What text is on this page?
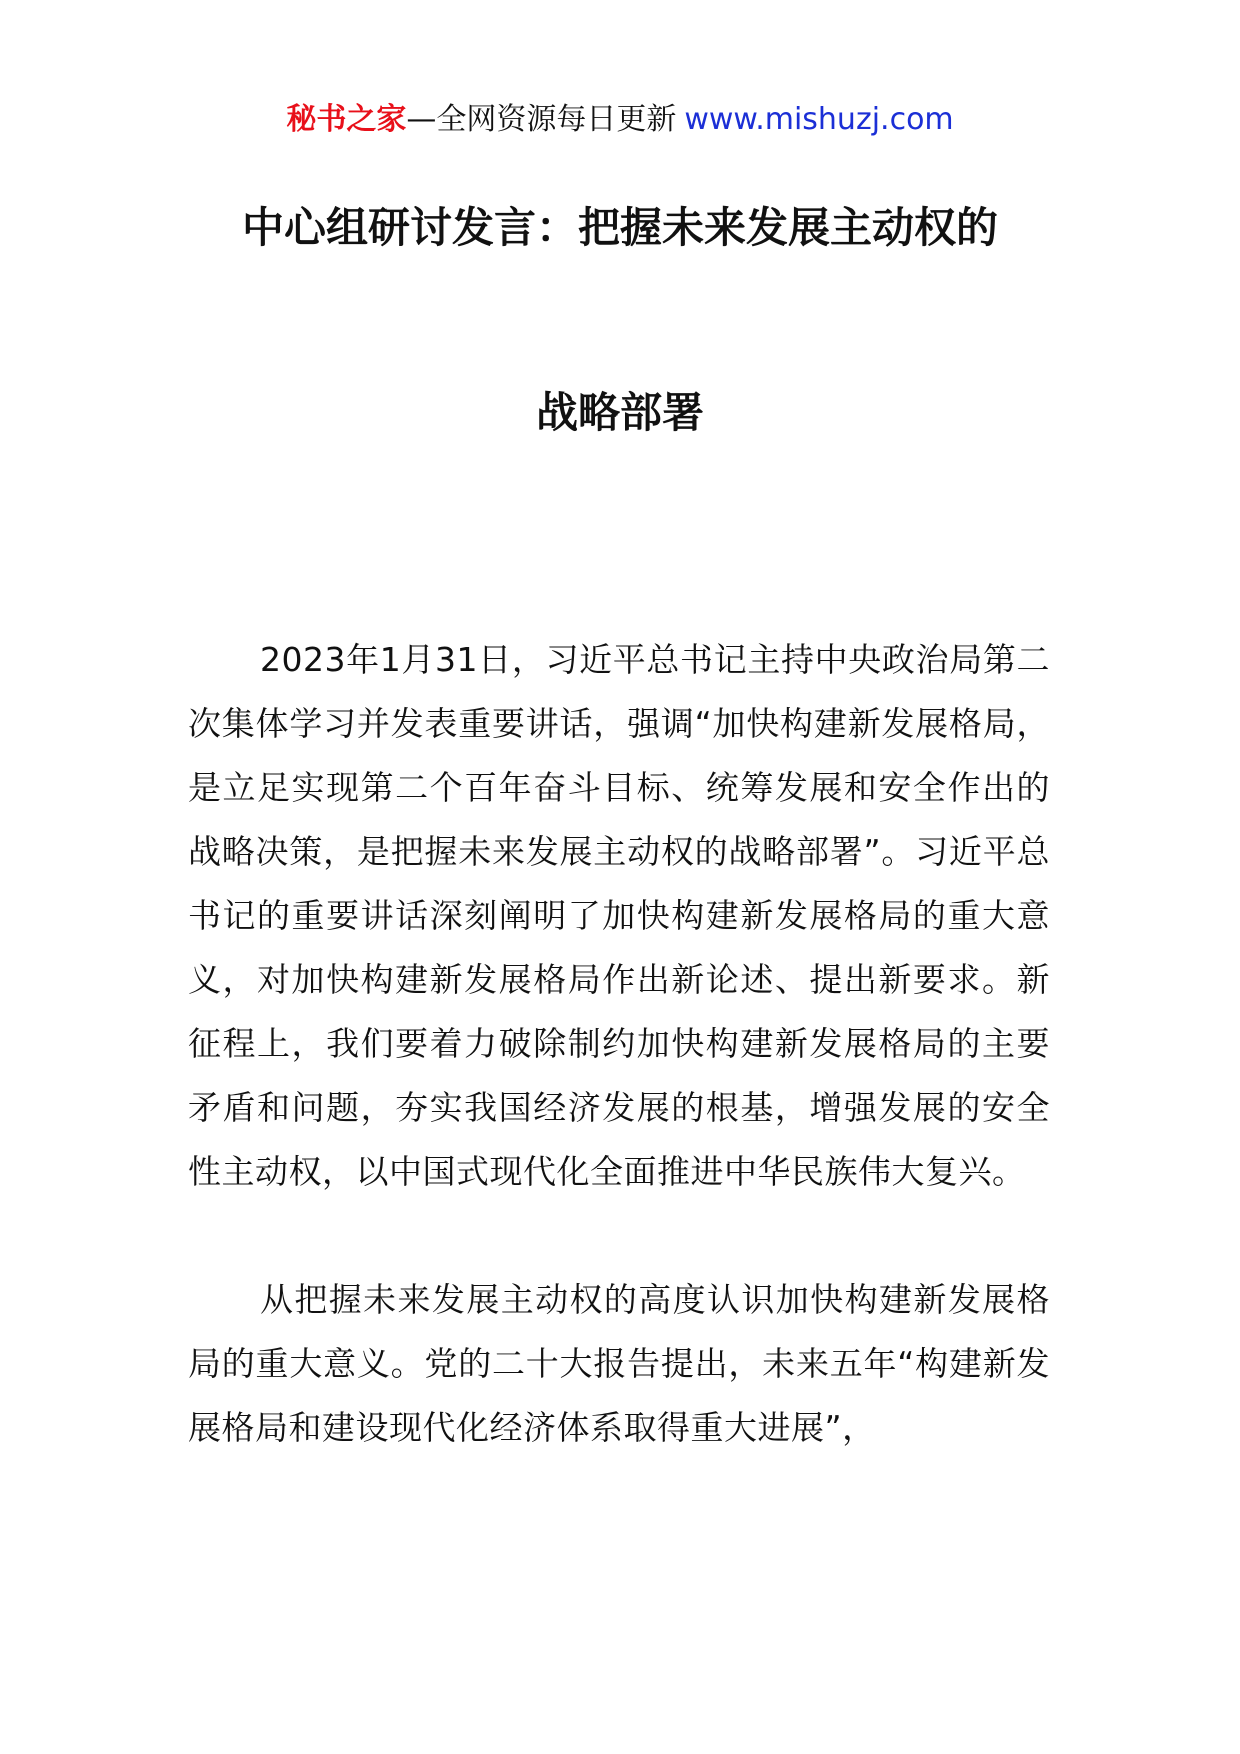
秘书之家—全网资源每日更新 www.mishuzj.com
中心组研讨发言：把握未来发展主动权的
战略部署

2023年1月31日，习近平总书记主持中央政治局第二次集体学习并发表重要讲话，强调“加快构建新发展格局，是立足实现第二个百年奋斗目标、统筹发展和安全作出的战略决策，是把握未来发展主动权的战略部署”。习近平总书记的重要讲话深刻阐明了加快构建新发展格局的重大意义，对加快构建新发展格局作出新论述、提出新要求。新征程上，我们要着力破除制约加快构建新发展格局的主要矛盾和问题，夯实我国经济发展的根基，增强发展的安全性主动权，以中国式现代化全面推进中华民族伟大复兴。

从把握未来发展主动权的高度认识加快构建新发展格局的重大意义。党的二十大报告提出，未来五年“构建新发展格局和建设现代化经济体系取得重大进展”，
